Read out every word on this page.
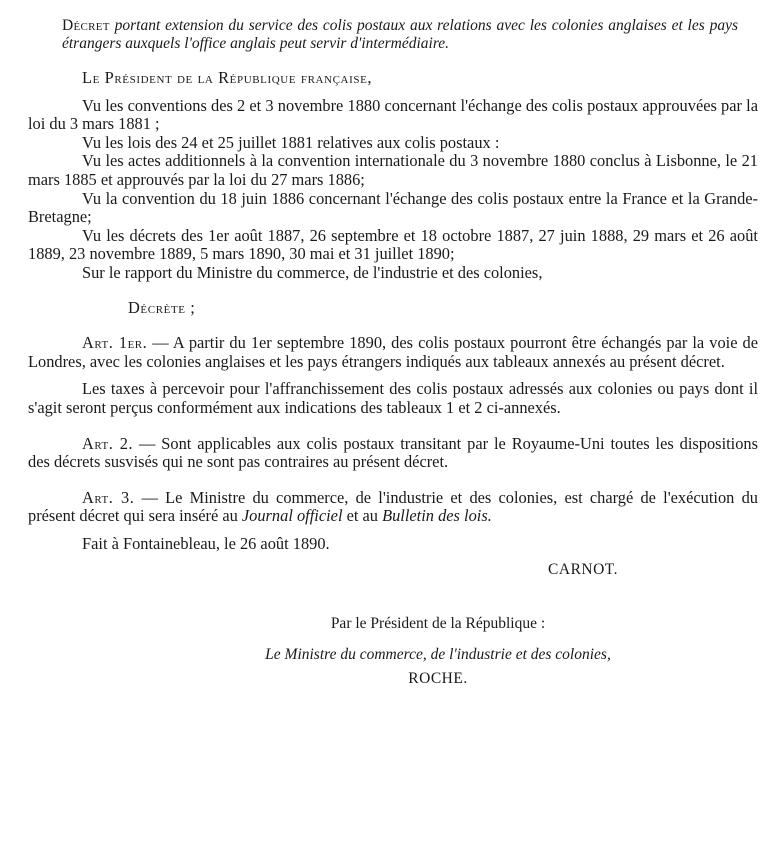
Décret portant extension du service des colis postaux aux relations avec les colonies anglaises et les pays étrangers auxquels l'office anglais peut servir d'intermédiaire.

Le Président de la République française,

Vu les conventions des 2 et 3 novembre 1880 concernant l'échange des colis postaux approuvées par la loi du 3 mars 1881 ;

Vu les lois des 24 et 25 juillet 1881 relatives aux colis postaux :

Vu les actes additionnels à la convention internationale du 3 novembre 1880 conclus à Lisbonne, le 21 mars 1885 et approuvés par la loi du 27 mars 1886;

Vu la convention du 18 juin 1886 concernant l'échange des colis postaux entre la France et la Grande-Bretagne;

Vu les décrets des 1er août 1887, 26 septembre et 18 octobre 1887, 27 juin 1888, 29 mars et 26 août 1889, 23 novembre 1889, 5 mars 1890, 30 mai et 31 juillet 1890;

Sur le rapport du Ministre du commerce, de l'industrie et des colonies,

Décrète ;

Art. 1er. — A partir du 1er septembre 1890, des colis postaux pourront être échangés par la voie de Londres, avec les colonies anglaises et les pays étrangers indiqués aux tableaux annexés au présent décret.

Les taxes à percevoir pour l'affranchissement des colis postaux adressés aux colonies ou pays dont il s'agit seront perçus conformément aux indications des tableaux 1 et 2 ci-annexés.

Art. 2. — Sont applicables aux colis postaux transitant par le Royaume-Uni toutes les dispositions des décrets susvisés qui ne sont pas contraires au présent décret.

Art. 3. — Le Ministre du commerce, de l'industrie et des colonies, est chargé de l'exécution du présent décret qui sera inséré au Journal officiel et au Bulletin des lois.

Fait à Fontainebleau, le 26 août 1890.

CARNOT.

Par le Président de la République :

Le Ministre du commerce, de l'industrie et des colonies,

ROCHE.
